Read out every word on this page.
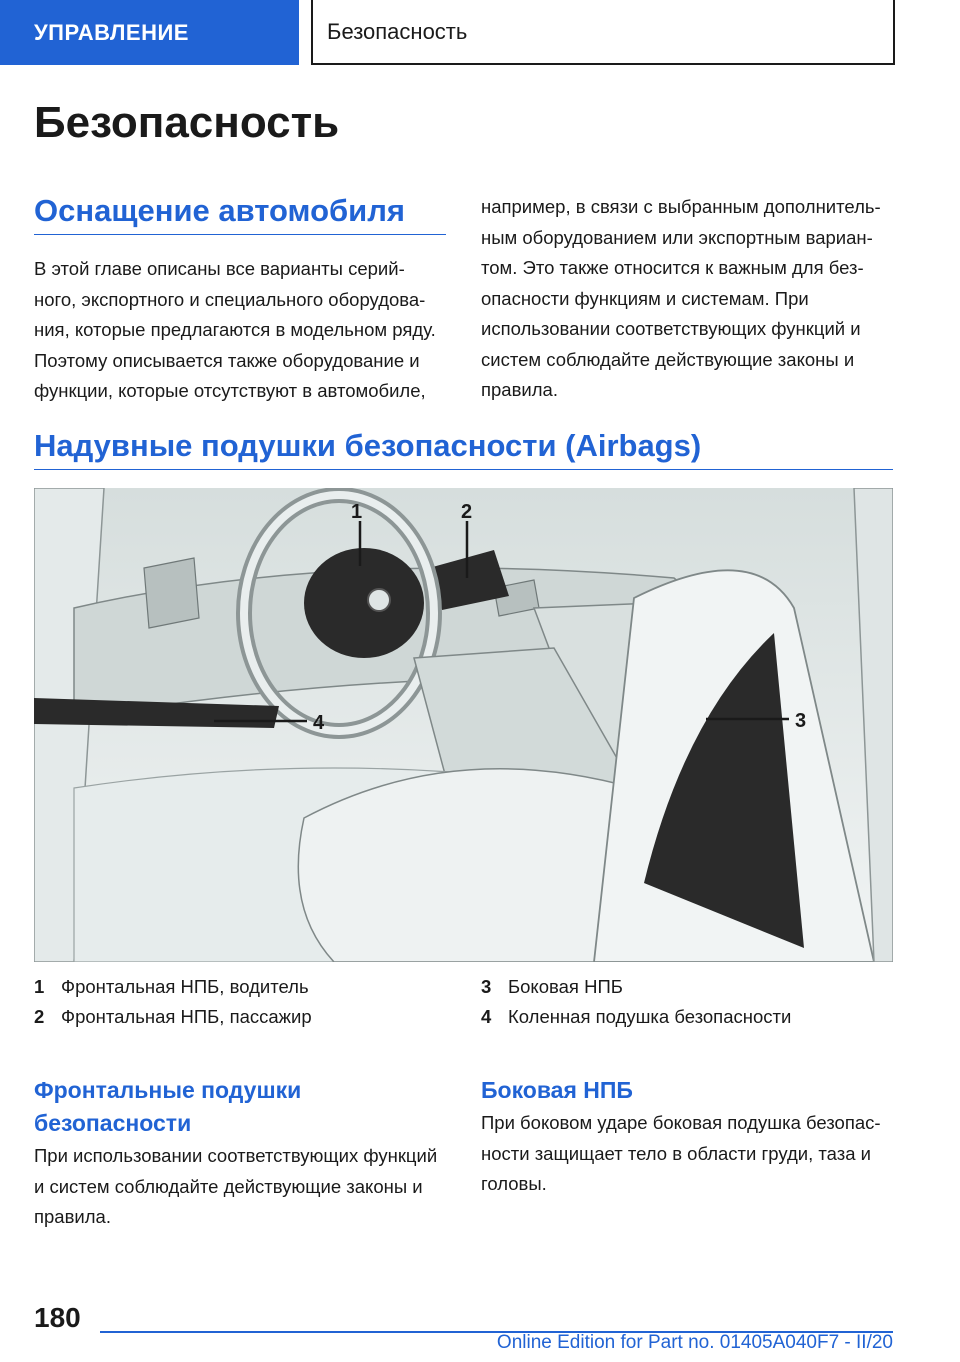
УПРАВЛЕНИЕ	Безопасность
Безопасность
Оснащение автомобиля

В этой главе описаны все варианты серий-
ного, экспортного и специального оборудова-
ния, которые предлагаются в модельном ряду.
Поэтому описывается также оборудование и
функции, которые отсутствуют в автомобиле,

например, в связи с выбранным дополнитель-
ным оборудованием или экспортным вариан-
том. Это также относится к важным для без-
опасности функциям и системам. При
использовании соответствующих функций и
систем соблюдайте действующие законы и
правила.

Надувные подушки безопасности (Airbags)
1	2
3
4
1 Фронтальная НПБ, водитель
2 Фронтальная НПБ, пассажир
3 Боковая НПБ
4 Коленная подушка безопасности
Фронтальные подушки
безопасности

При использовании соответствующих функций
и систем соблюдайте действующие законы и
правила.

Боковая НПБ

При боковом ударе боковая подушка безопас-
ности защищает тело в области груди, таза и
головы.

180
Online Edition for Part no. 01405A040F7 - II/20
